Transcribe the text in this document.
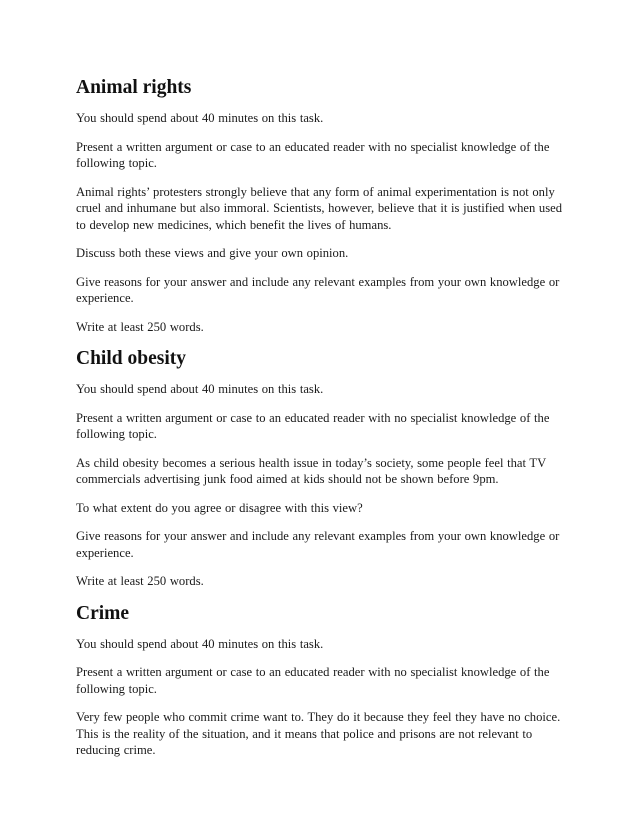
Animal rights

You should spend about 40 minutes on this task.

Present a written argument or case to an educated reader with no specialist knowledge of the following topic.

Animal rights’ protesters strongly believe that any form of animal experimentation is not only cruel and inhumane but also immoral. Scientists, however, believe that it is justified when used to develop new medicines, which benefit the lives of humans.

Discuss both these views and give your own opinion.

Give reasons for your answer and include any relevant examples from your own knowledge or experience.

Write at least 250 words.

Child obesity

You should spend about 40 minutes on this task.

Present a written argument or case to an educated reader with no specialist knowledge of the following topic.

As child obesity becomes a serious health issue in today’s society, some people feel that TV commercials advertising junk food aimed at kids should not be shown before 9pm.

To what extent do you agree or disagree with this view?

Give reasons for your answer and include any relevant examples from your own knowledge or experience.

Write at least 250 words.

Crime

You should spend about 40 minutes on this task.

Present a written argument or case to an educated reader with no specialist knowledge of the following topic.

Very few people who commit crime want to. They do it because they feel they have no choice. This is the reality of the situation, and it means that police and prisons are not relevant to reducing crime.
